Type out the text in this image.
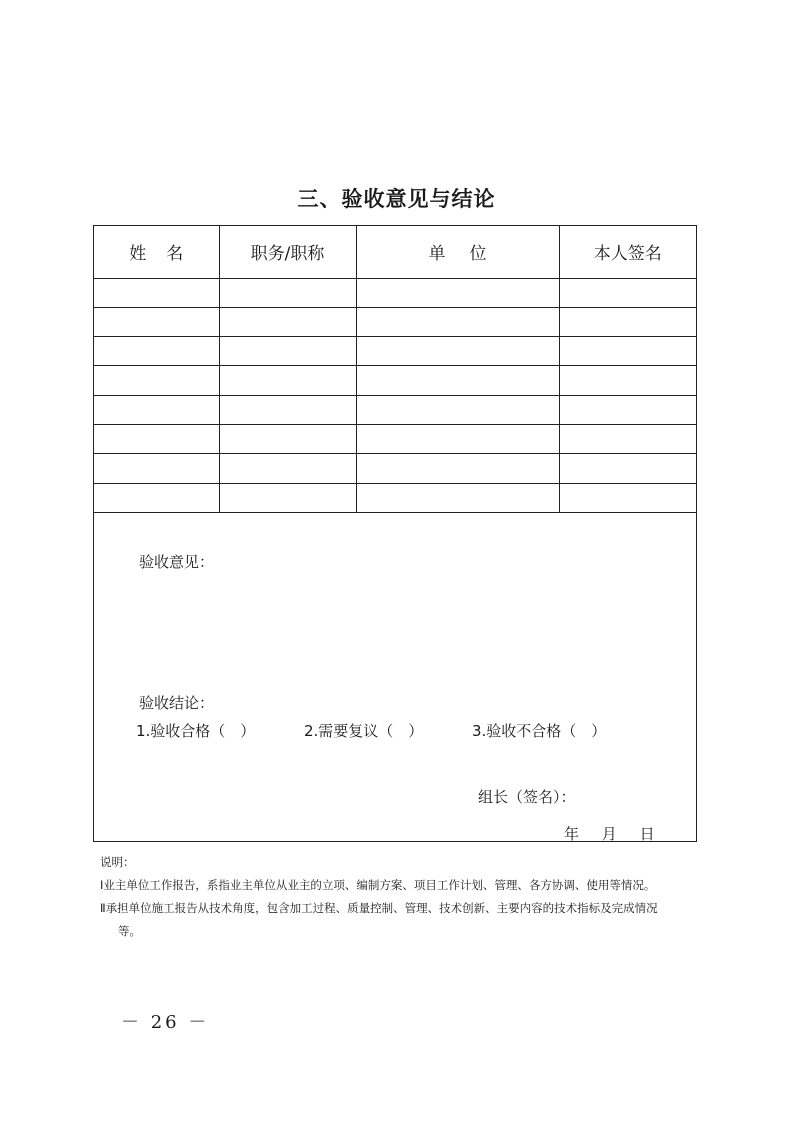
三、验收意见与结论
姓名	职务/职称	单位	本人签名

验收意见：
验收结论：
1.验收合格（　）	2.需要复议（　）	3.验收不合格（　）
组长（签名）：
年 月 日
说明：
Ⅰ业主单位工作报告，系指业主单位从业主的立项、编制方案、项目工作计划、管理、各方协调、使用等情况。
Ⅱ承担单位施工报告从技术角度，包含加工过程、质量控制、管理、技术创新、主要内容的技术指标及完成情况
等。
－ 26 －
